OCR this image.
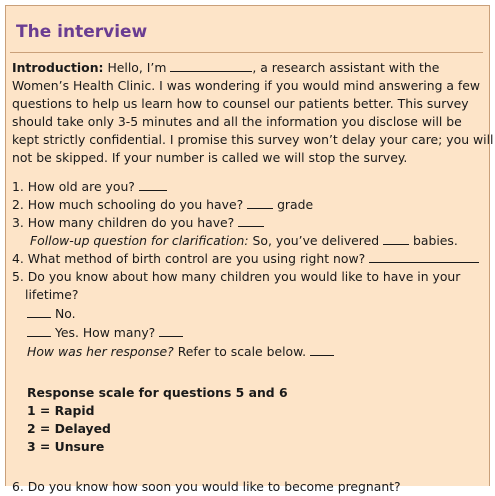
The interview
Introduction: Hello, I’m	, a research assistant with the
Women’s Health Clinic. I was wondering if you would mind answering a few
questions to help us learn how to counsel our patients better. This survey
should take only 3-5 minutes and all the information you disclose will be
kept strictly confidential. I promise this survey won’t delay your care; you will
not be skipped. If your number is called we will stop the survey.
1. How old are you?
2. How much schooling do you have?	grade
3. How many children do you have?
Follow-up question for clarification: So, you’ve delivered	babies.
4. What method of birth control are you using right now?
5. Do you know about how many children you would like to have in your
lifetime?
No.
Yes. How many?
How was her response? Refer to scale below.
Response scale for questions 5 and 6
1 = Rapid
2 = Delayed
3 = Unsure
6. Do you know how soon you would like to become pregnant?
